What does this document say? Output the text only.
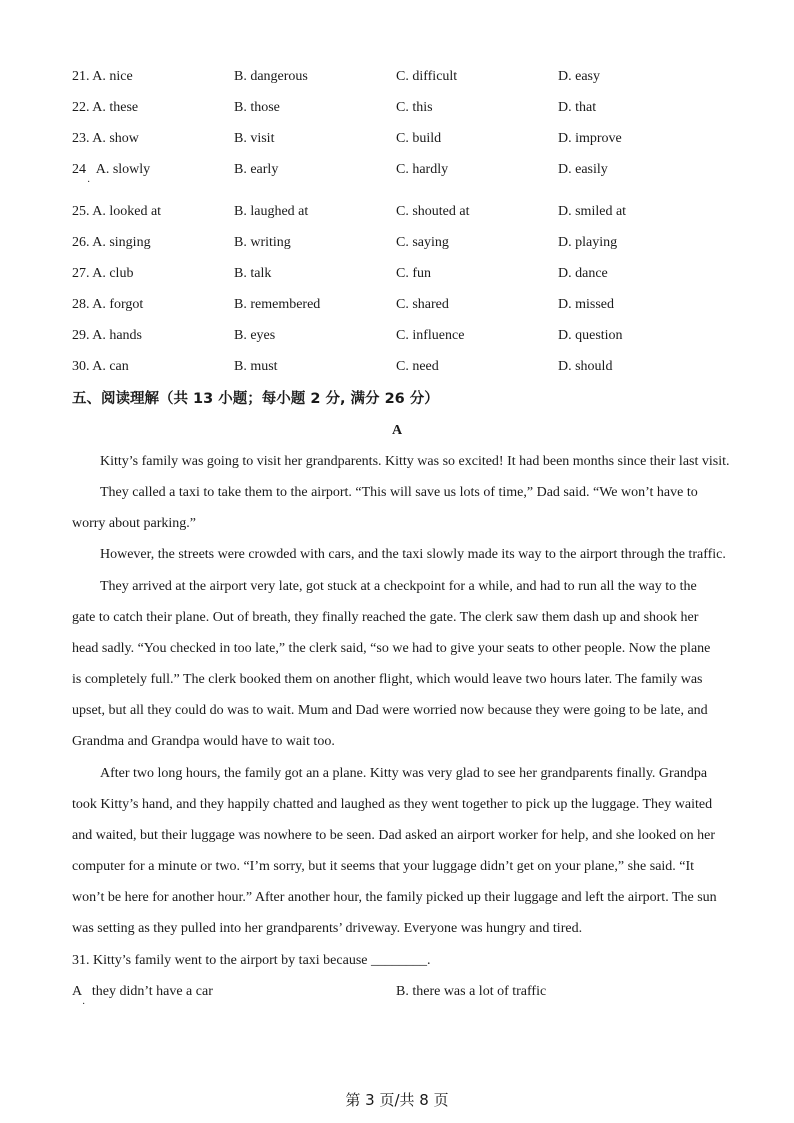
21. A. nice	B. dangerous	C. difficult	D. easy
22. A. these	B. those	C. this	D. that
23. A. show	B. visit	C. build	D. improve
24   A. slowly	B. early	C. hardly	D. easily
·
25. A. looked at	B. laughed at	C. shouted at	D. smiled at
26. A. singing	B. writing	C. saying	D. playing
27. A. club	B. talk	C. fun	D. dance
28. A. forgot	B. remembered	C. shared	D. missed
29. A. hands	B. eyes	C. influence	D. question
30. A. can	B. must	C. need	D. should
五、阅读理解（共 13 小题；每小题 2 分, 满分 26 分）
A
Kitty’s family was going to visit her grandparents. Kitty was so excited! It had been months since their last visit.
They called a taxi to take them to the airport. “This will save us lots of time,” Dad said. “We won’t have to
worry about parking.”
However, the streets were crowded with cars, and the taxi slowly made its way to the airport through the traffic.
They arrived at the airport very late, got stuck at a checkpoint for a while, and had to run all the way to the
gate to catch their plane. Out of breath, they finally reached the gate. The clerk saw them dash up and shook her
head sadly. “You checked in too late,” the clerk said, “so we had to give your seats to other people. Now the plane
is completely full.” The clerk booked them on another flight, which would leave two hours later. The family was
upset, but all they could do was to wait. Mum and Dad were worried now because they were going to be late, and
Grandma and Grandpa would have to wait too.
After two long hours, the family got an a plane. Kitty was very glad to see her grandparents finally. Grandpa
took Kitty’s hand, and they happily chatted and laughed as they went together to pick up the luggage. They waited
and waited, but their luggage was nowhere to be seen. Dad asked an airport worker for help, and she looked on her
computer for a minute or two. “I’m sorry, but it seems that your luggage didn’t get on your plane,” she said. “It
won’t be here for another hour.” After another hour, the family picked up their luggage and left the airport. The sun
was setting as they pulled into her grandparents’ driveway. Everyone was hungry and tired.
31. Kitty’s family went to the airport by taxi because ________.
A   they didn’t have a car
·
B. there was a lot of traffic
第 3 页/共 8 页
